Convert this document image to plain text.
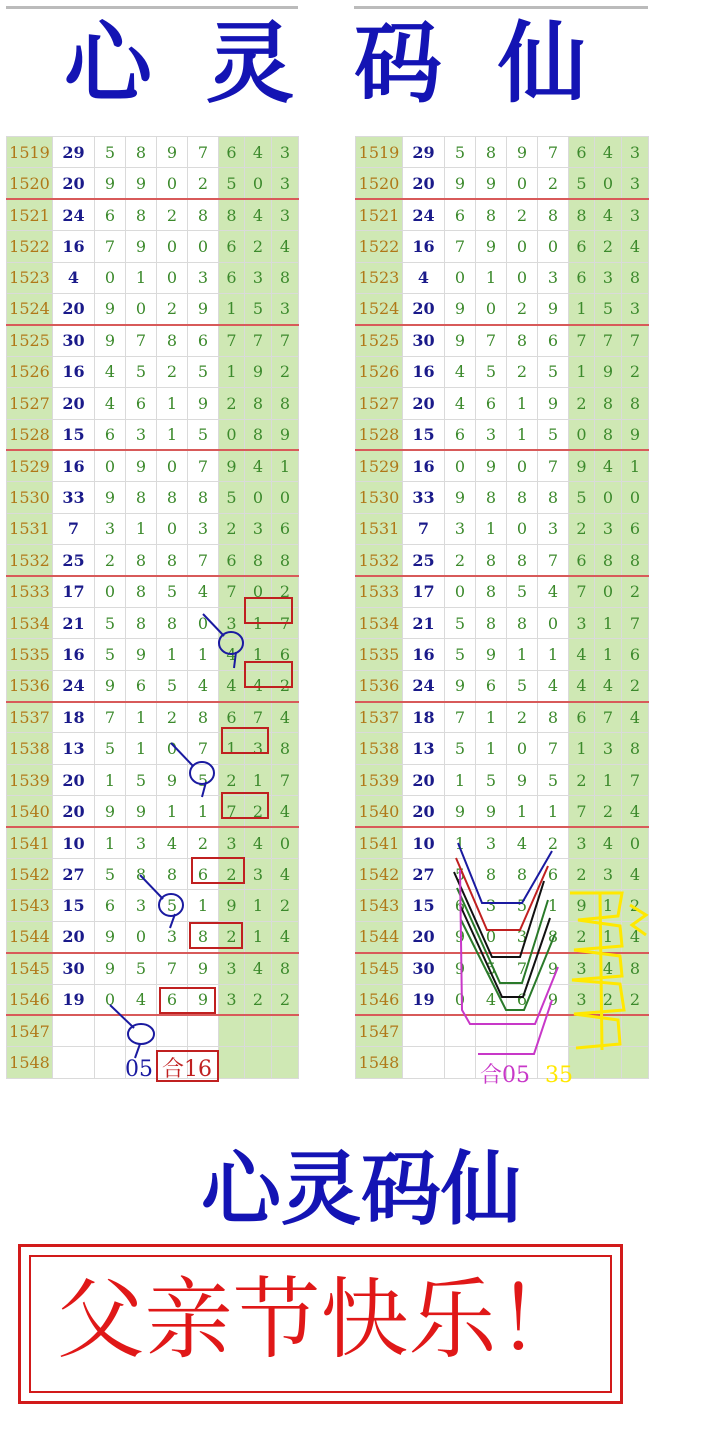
心 灵 码 仙
1519	29	5	8	9	7	6	4	3
1520	20	9	9	0	2	5	0	3
1521	24	6	8	2	8	8	4	3
1522	16	7	9	0	0	6	2	4
1523	4	0	1	0	3	6	3	8
1524	20	9	0	2	9	1	5	3
1525	30	9	7	8	6	7	7	7
1526	16	4	5	2	5	1	9	2
1527	20	4	6	1	9	2	8	8
1528	15	6	3	1	5	0	8	9
1529	16	0	9	0	7	9	4	1
1530	33	9	8	8	8	5	0	0
1531	7	3	1	0	3	2	3	6
1532	25	2	8	8	7	6	8	8
1533	17	0	8	5	4	7	0	2
1534	21	5	8	8	0	3	1	7
1535	16	5	9	1	1	4	1	6
1536	24	9	6	5	4	4	4	2
1537	18	7	1	2	8	6	7	4
1538	13	5	1	0	7	1	3	8
1539	20	1	5	9	5	2	1	7
1540	20	9	9	1	1	7	2	4
1541	10	1	3	4	2	3	4	0
1542	27	5	8	8	6	2	3	4
1543	15	6	3	5	1	9	1	2
1544	20	9	0	3	8	2	1	4
1545	30	9	5	7	9	3	4	8
1546	19	0	4	6	9	3	2	2
1547								
1548								
1519	29	5	8	9	7	6	4	3
1520	20	9	9	0	2	5	0	3
1521	24	6	8	2	8	8	4	3
1522	16	7	9	0	0	6	2	4
1523	4	0	1	0	3	6	3	8
1524	20	9	0	2	9	1	5	3
1525	30	9	7	8	6	7	7	7
1526	16	4	5	2	5	1	9	2
1527	20	4	6	1	9	2	8	8
1528	15	6	3	1	5	0	8	9
1529	16	0	9	0	7	9	4	1
1530	33	9	8	8	8	5	0	0
1531	7	3	1	0	3	2	3	6
1532	25	2	8	8	7	6	8	8
1533	17	0	8	5	4	7	0	2
1534	21	5	8	8	0	3	1	7
1535	16	5	9	1	1	4	1	6
1536	24	9	6	5	4	4	4	2
1537	18	7	1	2	8	6	7	4
1538	13	5	1	0	7	1	3	8
1539	20	1	5	9	5	2	1	7
1540	20	9	9	1	1	7	2	4
1541	10	1	3	4	2	3	4	0
1542	27	5	8	8	6	2	3	4
1543	15	6	3	5	1	9	1	2
1544	20	9	0	3	8	2	1	4
1545	30	9	5	7	9	3	4	8
1546	19	0	4	6	9	3	2	2
1547								
1548								
05 合16	合05 35
心灵码仙
父亲节快乐！
